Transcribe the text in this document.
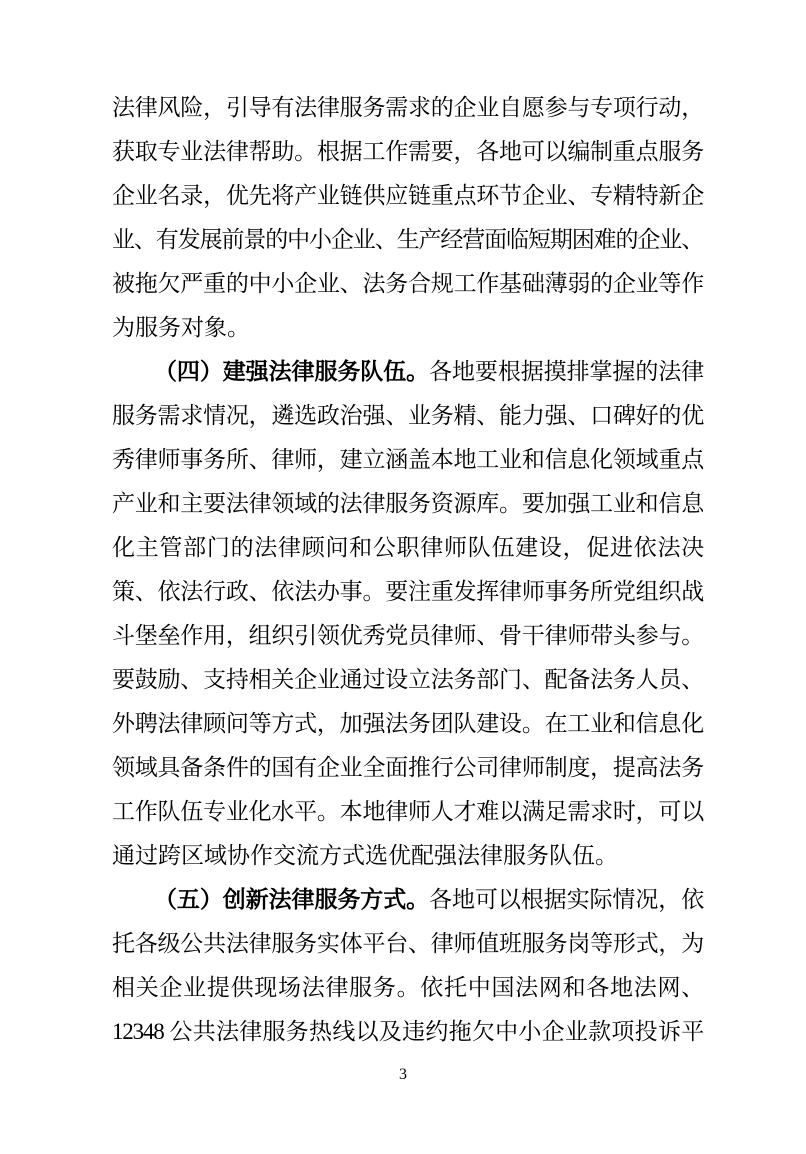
法律风险，引导有法律服务需求的企业自愿参与专项行动，
获取专业法律帮助。根据工作需要，各地可以编制重点服务
企业名录，优先将产业链供应链重点环节企业、专精特新企
业、有发展前景的中小企业、生产经营面临短期困难的企业、
被拖欠严重的中小企业、法务合规工作基础薄弱的企业等作
为服务对象。
（四）建强法律服务队伍。各地要根据摸排掌握的法律
服务需求情况，遴选政治强、业务精、能力强、口碑好的优
秀律师事务所、律师，建立涵盖本地工业和信息化领域重点
产业和主要法律领域的法律服务资源库。要加强工业和信息
化主管部门的法律顾问和公职律师队伍建设，促进依法决
策、依法行政、依法办事。要注重发挥律师事务所党组织战
斗堡垒作用，组织引领优秀党员律师、骨干律师带头参与。
要鼓励、支持相关企业通过设立法务部门、配备法务人员、
外聘法律顾问等方式，加强法务团队建设。在工业和信息化
领域具备条件的国有企业全面推行公司律师制度，提高法务
工作队伍专业化水平。本地律师人才难以满足需求时，可以
通过跨区域协作交流方式选优配强法律服务队伍。
（五）创新法律服务方式。各地可以根据实际情况，依
托各级公共法律服务实体平台、律师值班服务岗等形式，为
相关企业提供现场法律服务。依托中国法网和各地法网、
12348 公共法律服务热线以及违约拖欠中小企业款项投诉平
3
